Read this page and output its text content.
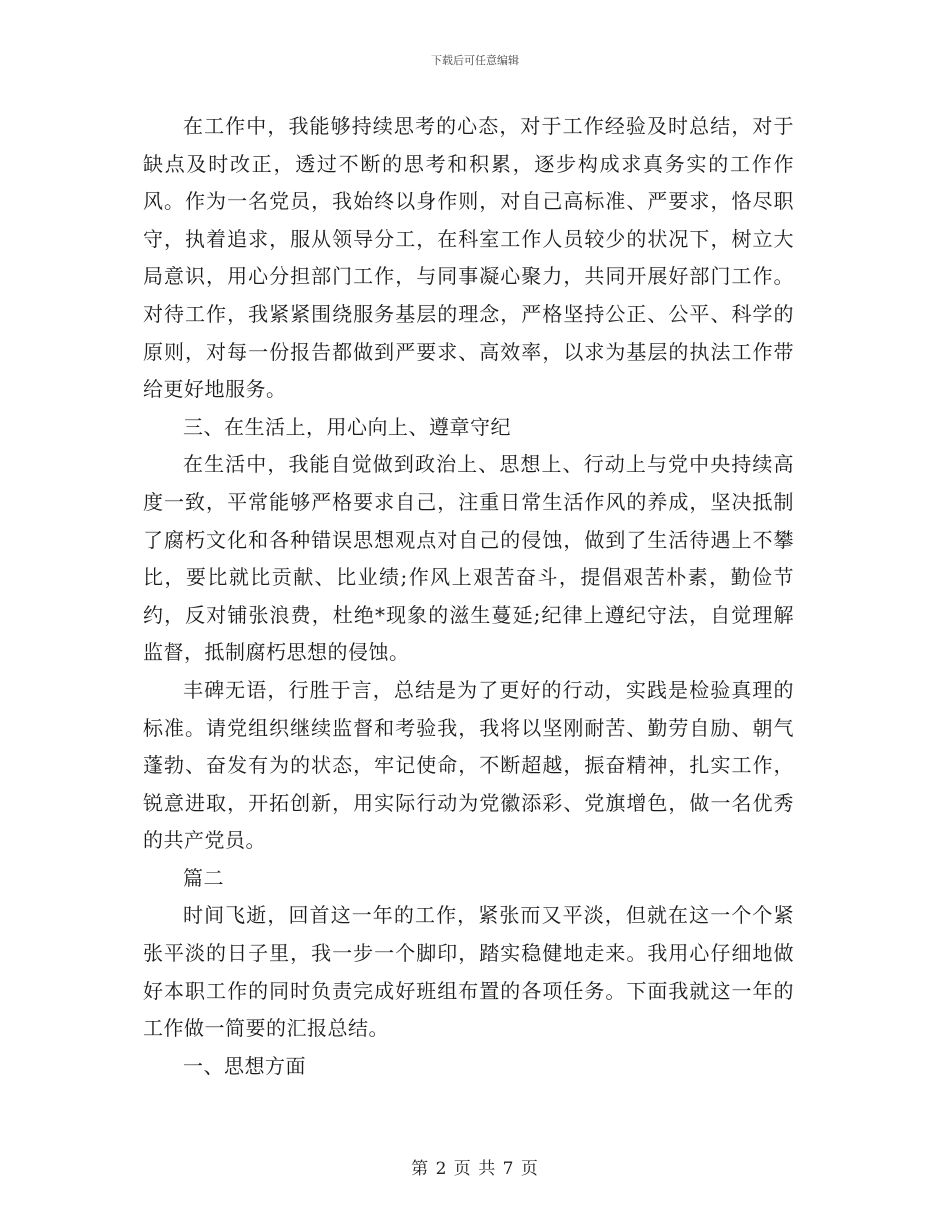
下载后可任意编辑

在工作中，我能够持续思考的心态，对于工作经验及时总结，对于缺点及时改正，透过不断的思考和积累，逐步构成求真务实的工作作风。作为一名党员，我始终以身作则，对自己高标准、严要求，恪尽职守，执着追求，服从领导分工，在科室工作人员较少的状况下，树立大局意识，用心分担部门工作，与同事凝心聚力，共同开展好部门工作。对待工作，我紧紧围绕服务基层的理念，严格坚持公正、公平、科学的原则，对每一份报告都做到严要求、高效率，以求为基层的执法工作带给更好地服务。

三、在生活上，用心向上、遵章守纪

在生活中，我能自觉做到政治上、思想上、行动上与党中央持续高度一致，平常能够严格要求自己，注重日常生活作风的养成，坚决抵制了腐朽文化和各种错误思想观点对自己的侵蚀，做到了生活待遇上不攀比，要比就比贡献、比业绩;作风上艰苦奋斗，提倡艰苦朴素，勤俭节约，反对铺张浪费，杜绝*现象的滋生蔓延;纪律上遵纪守法，自觉理解监督，抵制腐朽思想的侵蚀。

丰碑无语，行胜于言，总结是为了更好的行动，实践是检验真理的标准。请党组织继续监督和考验我，我将以坚刚耐苦、勤劳自励、朝气蓬勃、奋发有为的状态，牢记使命，不断超越，振奋精神，扎实工作，锐意进取，开拓创新，用实际行动为党徽添彩、党旗增色，做一名优秀的共产党员。

篇二

时间飞逝，回首这一年的工作，紧张而又平淡，但就在这一个个紧张平淡的日子里，我一步一个脚印，踏实稳健地走来。我用心仔细地做好本职工作的同时负责完成好班组布置的各项任务。下面我就这一年的工作做一简要的汇报总结。

一、思想方面

第 2 页 共 7 页
